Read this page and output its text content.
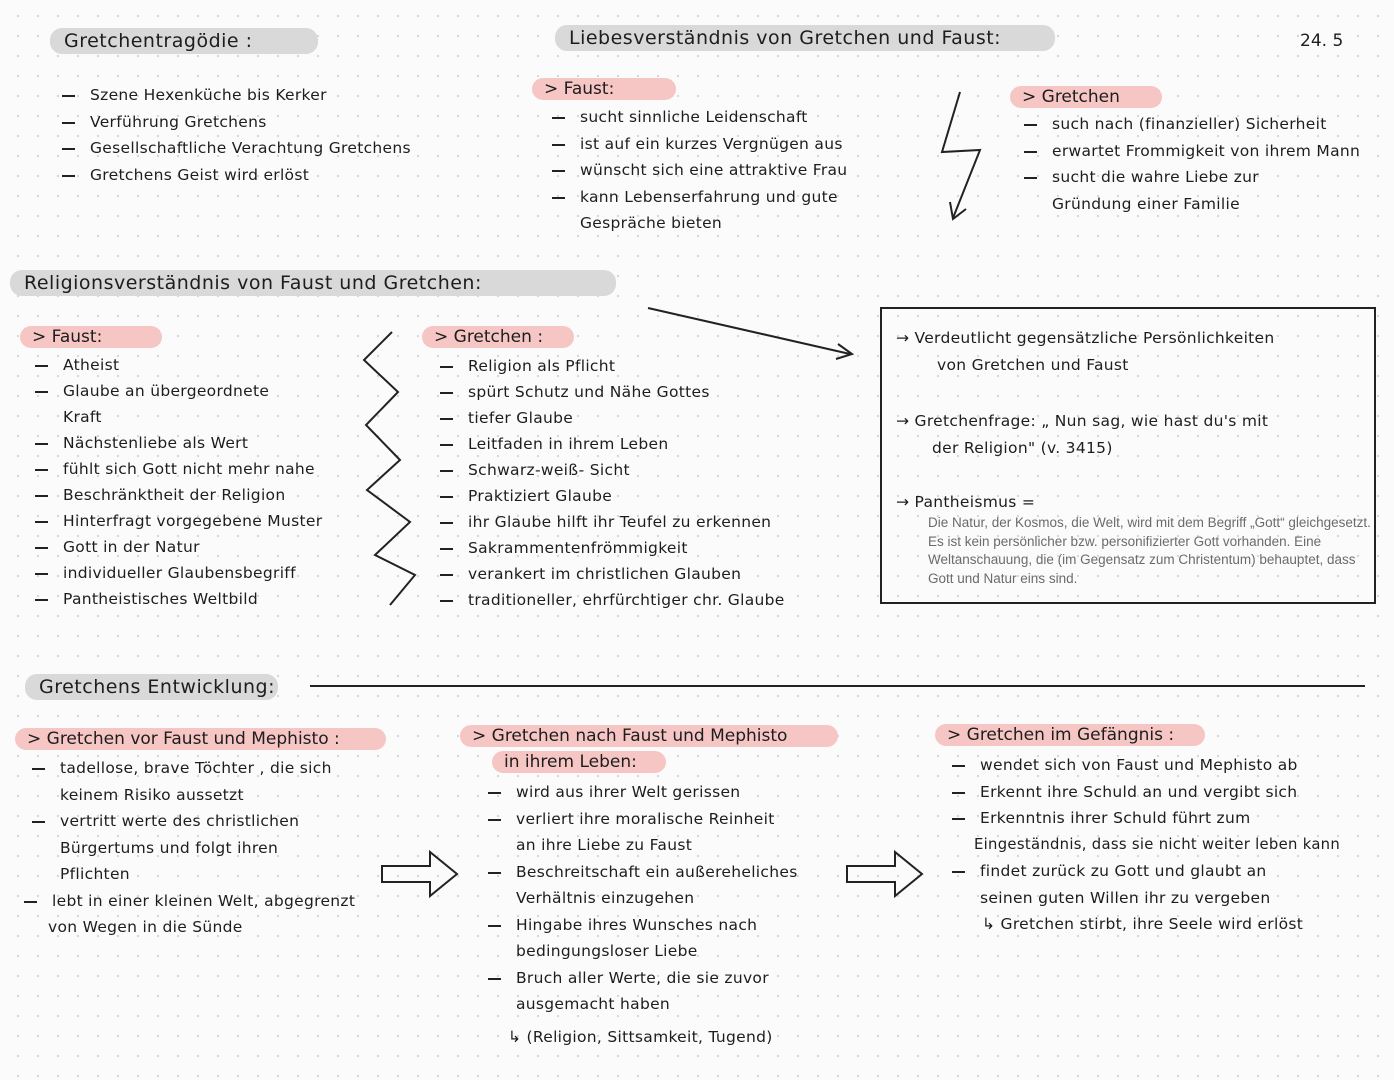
24. 5
Gretchentragödie :
Szene Hexenküche bis Kerker
Verführung Gretchens
Gesellschaftliche Verachtung Gretchens
Gretchens Geist wird erlöst
Liebesverständnis von Gretchen und Faust:
> Faust:
sucht sinnliche Leidenschaft
ist auf ein kurzes Vergnügen aus
wünscht sich eine attraktive Frau
kann Lebenserfahrung und gute
Gespräche bieten
> Gretchen
such nach (finanzieller) Sicherheit
erwartet Frommigkeit von ihrem Mann
sucht die wahre Liebe zur
Gründung einer Familie
Religionsverständnis von Faust und Gretchen:
> Faust:
Atheist
Glaube an übergeordnete
Kraft
Nächstenliebe als Wert
fühlt sich Gott nicht mehr nahe
Beschränktheit der Religion
Hinterfragt vorgegebene Muster
Gott in der Natur
individueller Glaubensbegriff
Pantheistisches Weltbild
> Gretchen :
Religion als Pflicht
spürt Schutz und Nähe Gottes
tiefer Glaube
Leitfaden in ihrem Leben
Schwarz-weiß- Sicht
Praktiziert Glaube
ihr Glaube hilft ihr Teufel zu erkennen
Sakrammentenfrömmigkeit
verankert im christlichen Glauben
traditioneller, ehrfürchtiger chr. Glaube
→ Verdeutlicht gegensätzliche Persönlichkeiten
von Gretchen und Faust
→ Gretchenfrage: „ Nun sag, wie hast du's mit
der Religion" (v. 3415)
→ Pantheismus =
Die Natur, der Kosmos, die Welt, wird mit dem Begriff „Gott“ gleichgesetzt. Es ist kein persönlicher bzw. personifizierter Gott vorhanden. Eine Weltanschauung, die (im Gegensatz zum Christentum) behauptet, dass Gott und Natur eins sind.
Gretchens Entwicklung:
> Gretchen vor Faust und Mephisto :
tadellose, brave Töchter , die sich
keinem Risiko aussetzt
vertritt werte des christlichen
Bürgertums und folgt ihren
Pflichten
lebt in einer kleinen Welt, abgegrenzt
von Wegen in die Sünde
> Gretchen nach Faust und Mephisto
in ihrem Leben:
wird aus ihrer Welt gerissen
verliert ihre moralische Reinheit
an ihre Liebe zu Faust
Beschreitschaft ein außereheliches
Verhältnis einzugehen
Hingabe ihres Wunsches nach
bedingungsloser Liebe
Bruch aller Werte, die sie zuvor
ausgemacht haben
↳ (Religion, Sittsamkeit, Tugend)
> Gretchen im Gefängnis :
wendet sich von Faust und Mephisto ab
Erkennt ihre Schuld an und vergibt sich
Erkenntnis ihrer Schuld führt zum
Eingeständnis, dass sie nicht weiter leben kann
findet zurück zu Gott und glaubt an
seinen guten Willen ihr zu vergeben
↳ Gretchen stirbt, ihre Seele wird erlöst
